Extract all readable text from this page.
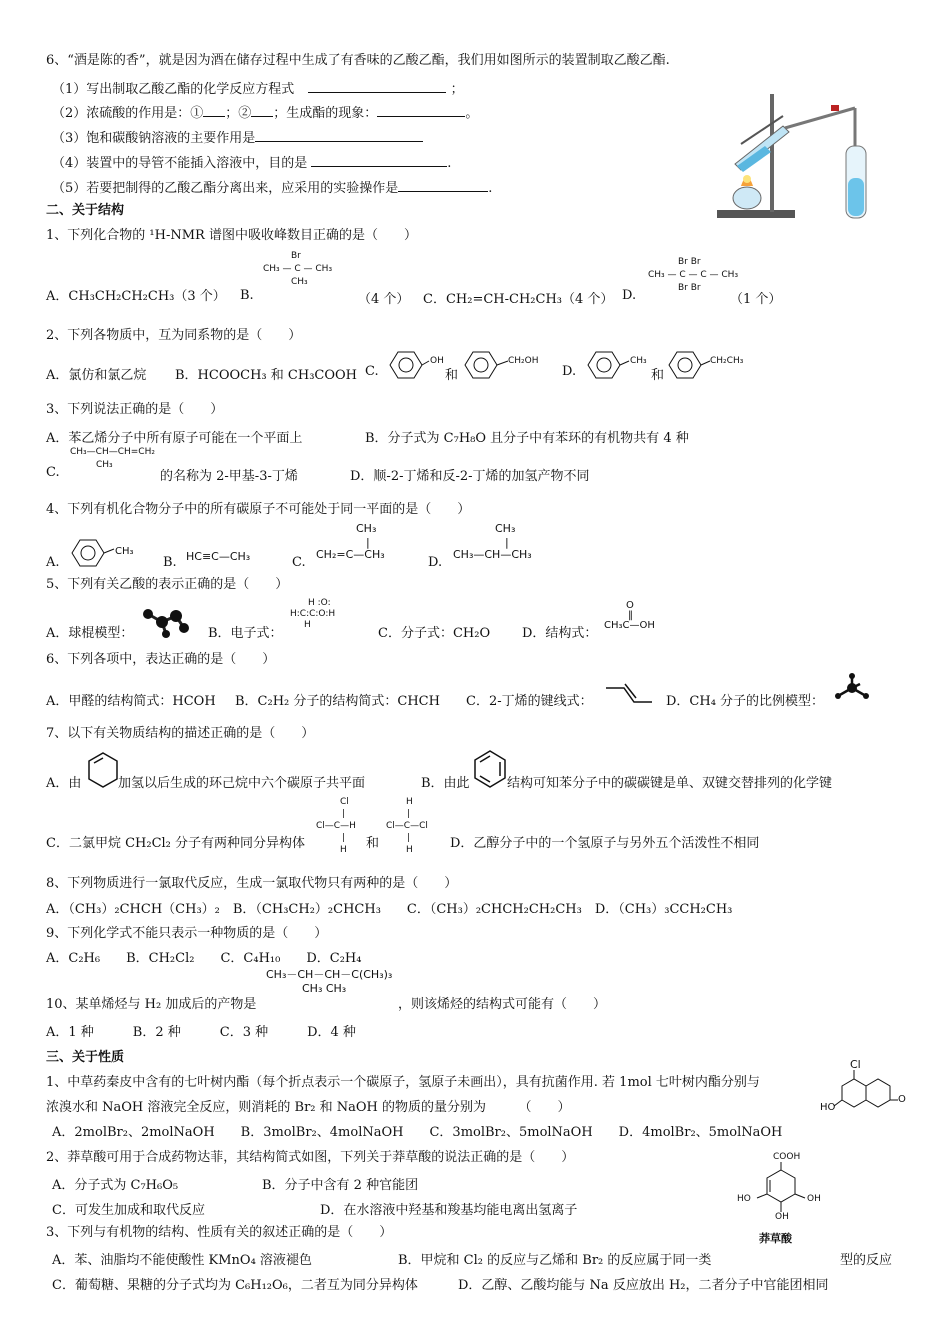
6、“酒是陈的香”，就是因为酒在储存过程中生成了有香味的乙酸乙酯，我们用如图所示的装置制取乙酸乙酯.
（1）写出制取乙酸乙酯的化学反应方程式	；
（2）浓硫酸的作用是：① ；② ；生成酯的现象：	。
（3）饱和碳酸钠溶液的主要作用是
（4）装置中的导管不能插入溶液中，目的是	.
（5）若要把制得的乙酸乙酯分离出来，应采用的实验操作是	.
二、关于结构
1、下列化合物的 ¹H-NMR 谱图中吸收峰数目正确的是（　　）
A．CH₃CH₂CH₂CH₃（3 个） B.
Br
CH₃ — C — CH₃
CH₃
（4 个） C．CH₂=CH-CH₂CH₃（4 个） D.
Br Br
CH₃ — C — C — CH₃
Br Br
（1 个）
2、下列各物质中，互为同系物的是（　　）
A．氯仿和氯乙烷 B．HCOOCH₃ 和 CH₃COOH C.
OH
和
CH₂OH
D.
CH₃
和
CH₂CH₃
3、下列说法正确的是（　　）
A．苯乙烯分子中所有原子可能在一个平面上	B．分子式为 C₇H₈O 且分子中有苯环的有机物共有 4 种
C.
CH₃—CH—CH=CH₂
CH₃
的名称为 2-甲基-3-丁烯	D．顺-2-丁烯和反-2-丁烯的加氢产物不同
4、下列有机化合物分子中的所有碳原子不可能处于同一平面的是（　　）
A.
CH₃
B. HC≡C—CH₃	C.
CH₃
|
CH₂=C—CH₃
D.
CH₃
|
CH₃—CH—CH₃
5、下列有关乙酸的表示正确的是（　　）
A．球棍模型：	B．电子式：
H :O:
H:C:C:O:H
H
C．分子式：CH₂O D．结构式：
O
‖
CH₃C—OH
6、下列各项中，表达正确的是（　　）
A．甲醛的结构简式：HCOH B．C₂H₂ 分子的结构简式：CHCH C．2-丁烯的键线式：	D．CH₄ 分子的比例模型：
7、以下有关物质结构的描述正确的是（　　）
A．由	加氢以后生成的环己烷中六个碳原子共平面	B．由此	结构可知苯分子中的碳碳键是单、双键交替排列的化学键
C．二氯甲烷 CH₂Cl₂ 分子有两种同分异构体
Cl
|
Cl—C—H
|
H	和
H
|
Cl—C—Cl
|
H	D．乙醇分子中的一个氢原子与另外五个活泼性不相同
8、下列物质进行一氯取代反应，生成一氯取代物只有两种的是（　　）
A．（CH₃）₂CHCH（CH₃）₂　B．（CH₃CH₂）₂CHCH₃　　C．（CH₃）₂CHCH₂CH₂CH₃　D．（CH₃）₃CCH₂CH₃
9、下列化学式不能只表示一种物质的是（　　）
A．C₂H₆　　B．CH₂Cl₂　　C．C₄H₁₀　　D．C₂H₄
CH₃－CH－CH－C(CH₃)₃
CH₃ CH₃
10、某单烯烃与 H₂ 加成后的产物是	，则该烯烃的结构式可能有（　　）
A．1 种　　　B．2 种　　　C．3 种　　　D．4 种
三、关于性质
1、中草药秦皮中含有的七叶树内酯（每个折点表示一个碳原子，氢原子未画出），具有抗菌作用. 若 1mol 七叶树内酯分别与
浓溴水和 NaOH 溶液完全反应，则消耗的 Br₂ 和 NaOH 的物质的量分别为　　　（　　）
Cl
HO
O
A．2molBr₂、2molNaOH　　B．3molBr₂、4molNaOH　　C．3molBr₂、5molNaOH　　D．4molBr₂、5molNaOH
2、莽草酸可用于合成药物达菲，其结构简式如图，下列关于莽草酸的说法正确的是（　　）
A．分子式为 C₇H₆O₅	B．分子中含有 2 种官能团
C．可发生加成和取代反应	D．在水溶液中羟基和羧基均能电离出氢离子
COOH
HO	OH
OH
莽草酸
3、下列与有机物的结构、性质有关的叙述正确的是（　　）
A．苯、油脂均不能使酸性 KMnO₄ 溶液褪色	B．甲烷和 Cl₂ 的反应与乙烯和 Br₂ 的反应属于同一类	型的反应
C．葡萄糖、果糖的分子式均为 C₆H₁₂O₆，二者互为同分异构体	D．乙醇、乙酸均能与 Na 反应放出 H₂，二者分子中官能团相同
